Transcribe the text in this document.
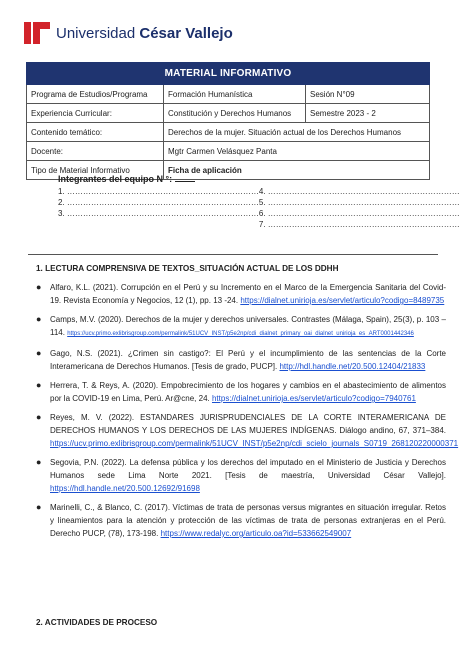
Universidad César Vallejo
MATERIAL INFORMATIVO		
Programa de Estudios/Programa	Formación Humanística	Sesión N°09
Experiencia Curricular:	Constitución y Derechos Humanos	Semestre 2023 - 2
Contenido temático:	Derechos de la mujer. Situación actual de los Derechos Humanos	
Docente:	Mgtr Carmen Velásquez Panta	
Tipo de Material Informativo	Ficha de aplicación	
Integrantes del equipo N °:
1. ………………………………………………………………
2. ………………………………………………………………
3. ………………………………………………………………
4. ………………………………………………………………
5. ………………………………………………………………
6. ………………………………………………………………
7. ………………………………………………………………
1. LECTURA COMPRENSIVA DE TEXTOS_SITUACIÓN ACTUAL DE LOS DDHH
● Alfaro, K.L. (2021). Corrupción en el Perú y su Incremento en el Marco de la Emergencia Sanitaria del Covid-19. Revista Economía y Negocios, 12 (1), pp. 13 -24. https://dialnet.unirioja.es/servlet/articulo?codigo=8489735
● Camps, M.V. (2020). Derechos de la mujer y derechos universales. Contrastes (Málaga, Spain), 25(3), p. 103 – 114. https://ucv.primo.exlibrisgroup.com/permalink/51UCV_INST/p5e2np/cdi_dialnet_primary_oai_dialnet_unirioja_es_ART0001442346
● Gago, N.S. (2021). ¿Crimen sin castigo?: El Perú y el incumplimiento de las sentencias de la Corte Interamericana de Derechos Humanos. [Tesis de grado, PUCP]. http://hdl.handle.net/20.500.12404/21833
● Herrera, T. & Reys, A. (2020). Empobrecimiento de los hogares y cambios en el abastecimiento de alimentos por la COVID-19 en Lima, Perú. Ar@cne, 24. https://dialnet.unirioja.es/servlet/articulo?codigo=7940761
● Reyes, M. V. (2022). ESTANDARES JURISPRUDENCIALES DE LA CORTE INTERAMERICANA DE DERECHOS HUMANOS Y LOS DERECHOS DE LAS MUJERES INDÍGENAS. Diálogo andino, 67, 371–384. https://ucv.primo.exlibrisgroup.com/permalink/51UCV_INST/p5e2np/cdi_scielo_journals_S0719_268120220000371
● Segovia, P.N. (2022). La defensa pública y los derechos del imputado en el Ministerio de Justicia y Derechos Humanos sede Lima Norte 2021. [Tesis de maestría, Universidad César Vallejo]. https://hdl.handle.net/20.500.12692/91698
● Marinelli, C., & Blanco, C. (2017). Víctimas de trata de personas versus migrantes en situación irregular. Retos y lineamientos para la atención y protección de las víctimas de trata de personas extranjeras en el Perú. Derecho PUCP, (78), 173-198. https://www.redalyc.org/articulo.oa?id=533662549007
2. ACTIVIDADES DE PROCESO
